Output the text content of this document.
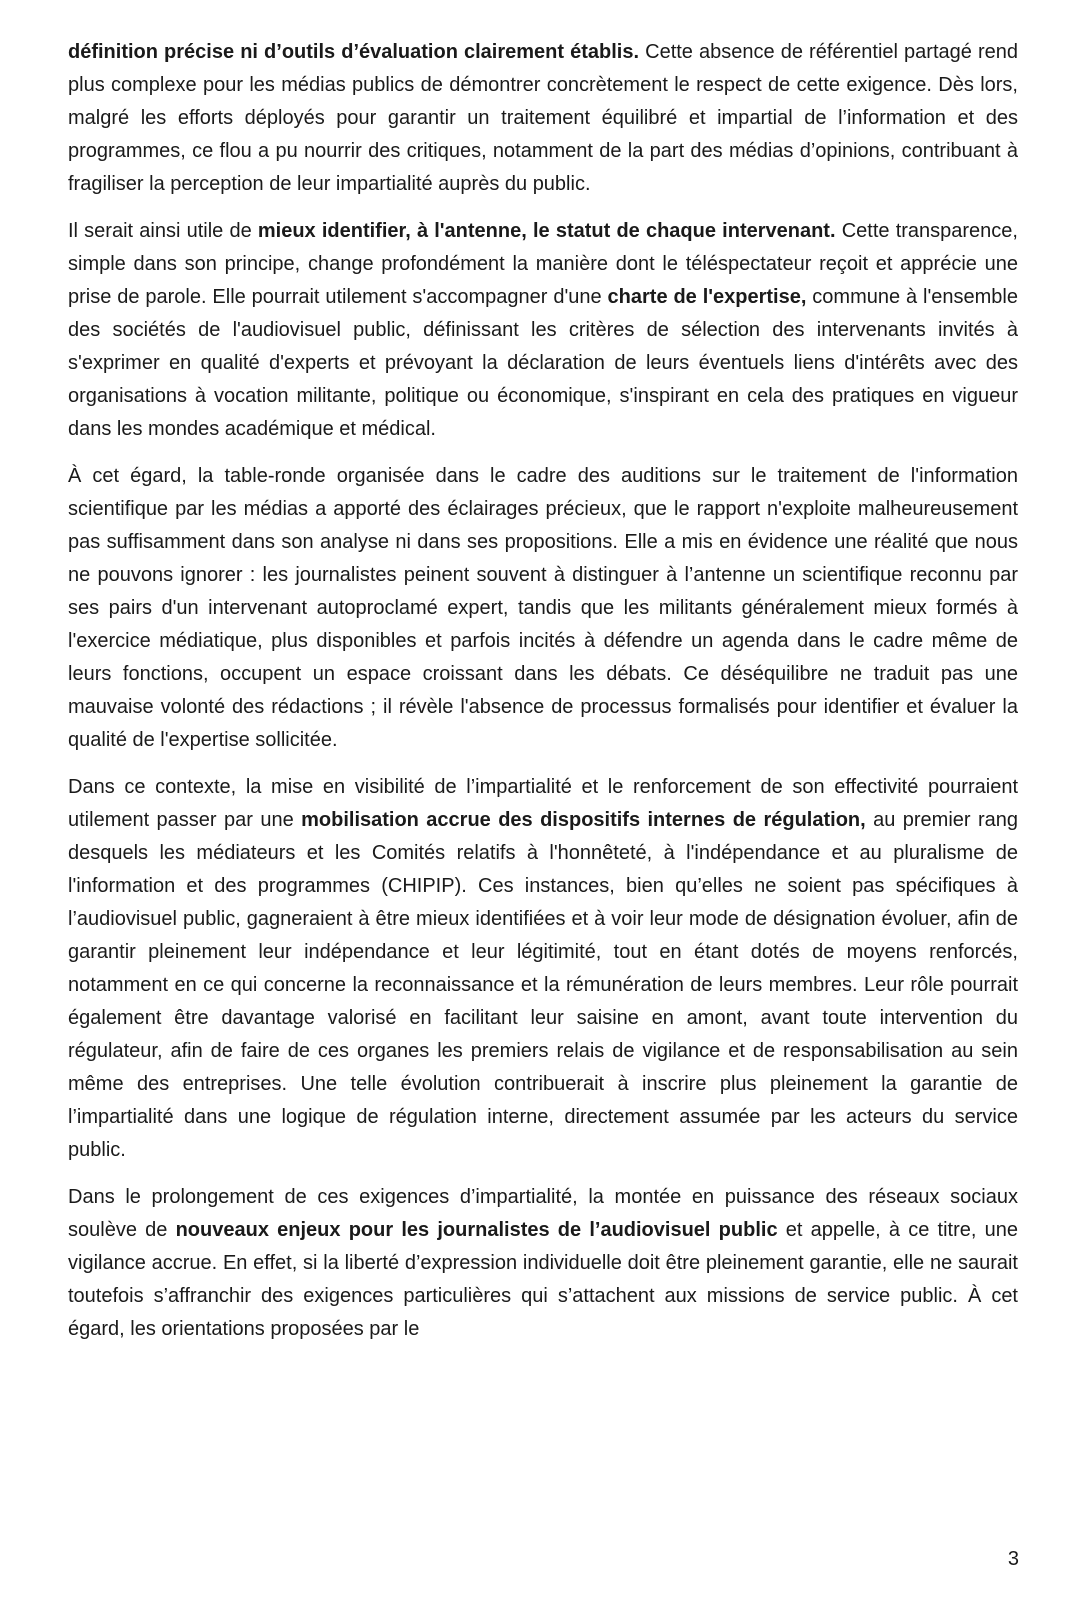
définition précise ni d’outils d’évaluation clairement établis. Cette absence de référentiel partagé rend plus complexe pour les médias publics de démontrer concrètement le respect de cette exigence. Dès lors, malgré les efforts déployés pour garantir un traitement équilibré et impartial de l’information et des programmes, ce flou a pu nourrir des critiques, notamment de la part des médias d’opinions, contribuant à fragiliser la perception de leur impartialité auprès du public.

Il serait ainsi utile de mieux identifier, à l'antenne, le statut de chaque intervenant. Cette transparence, simple dans son principe, change profondément la manière dont le téléspectateur reçoit et apprécie une prise de parole. Elle pourrait utilement s'accompagner d'une charte de l'expertise, commune à l'ensemble des sociétés de l'audiovisuel public, définissant les critères de sélection des intervenants invités à s'exprimer en qualité d'experts et prévoyant la déclaration de leurs éventuels liens d'intérêts avec des organisations à vocation militante, politique ou économique, s'inspirant en cela des pratiques en vigueur dans les mondes académique et médical.

À cet égard, la table-ronde organisée dans le cadre des auditions sur le traitement de l'information scientifique par les médias a apporté des éclairages précieux, que le rapport n'exploite malheureusement pas suffisamment dans son analyse ni dans ses propositions. Elle a mis en évidence une réalité que nous ne pouvons ignorer : les journalistes peinent souvent à distinguer à l’antenne un scientifique reconnu par ses pairs d'un intervenant autoproclamé expert, tandis que les militants généralement mieux formés à l'exercice médiatique, plus disponibles et parfois incités à défendre un agenda dans le cadre même de leurs fonctions, occupent un espace croissant dans les débats. Ce déséquilibre ne traduit pas une mauvaise volonté des rédactions ; il révèle l'absence de processus formalisés pour identifier et évaluer la qualité de l'expertise sollicitée.

Dans ce contexte, la mise en visibilité de l’impartialité et le renforcement de son effectivité pourraient utilement passer par une mobilisation accrue des dispositifs internes de régulation, au premier rang desquels les médiateurs et les Comités relatifs à l'honnêteté, à l'indépendance et au pluralisme de l'information et des programmes (CHIPIP). Ces instances, bien qu’elles ne soient pas spécifiques à l’audiovisuel public, gagneraient à être mieux identifiées et à voir leur mode de désignation évoluer, afin de garantir pleinement leur indépendance et leur légitimité, tout en étant dotés de moyens renforcés, notamment en ce qui concerne la reconnaissance et la rémunération de leurs membres. Leur rôle pourrait également être davantage valorisé en facilitant leur saisine en amont, avant toute intervention du régulateur, afin de faire de ces organes les premiers relais de vigilance et de responsabilisation au sein même des entreprises. Une telle évolution contribuerait à inscrire plus pleinement la garantie de l’impartialité dans une logique de régulation interne, directement assumée par les acteurs du service public.

Dans le prolongement de ces exigences d’impartialité, la montée en puissance des réseaux sociaux soulève de nouveaux enjeux pour les journalistes de l’audiovisuel public et appelle, à ce titre, une vigilance accrue. En effet, si la liberté d’expression individuelle doit être pleinement garantie, elle ne saurait toutefois s’affranchir des exigences particulières qui s’attachent aux missions de service public. À cet égard, les orientations proposées par le

3
